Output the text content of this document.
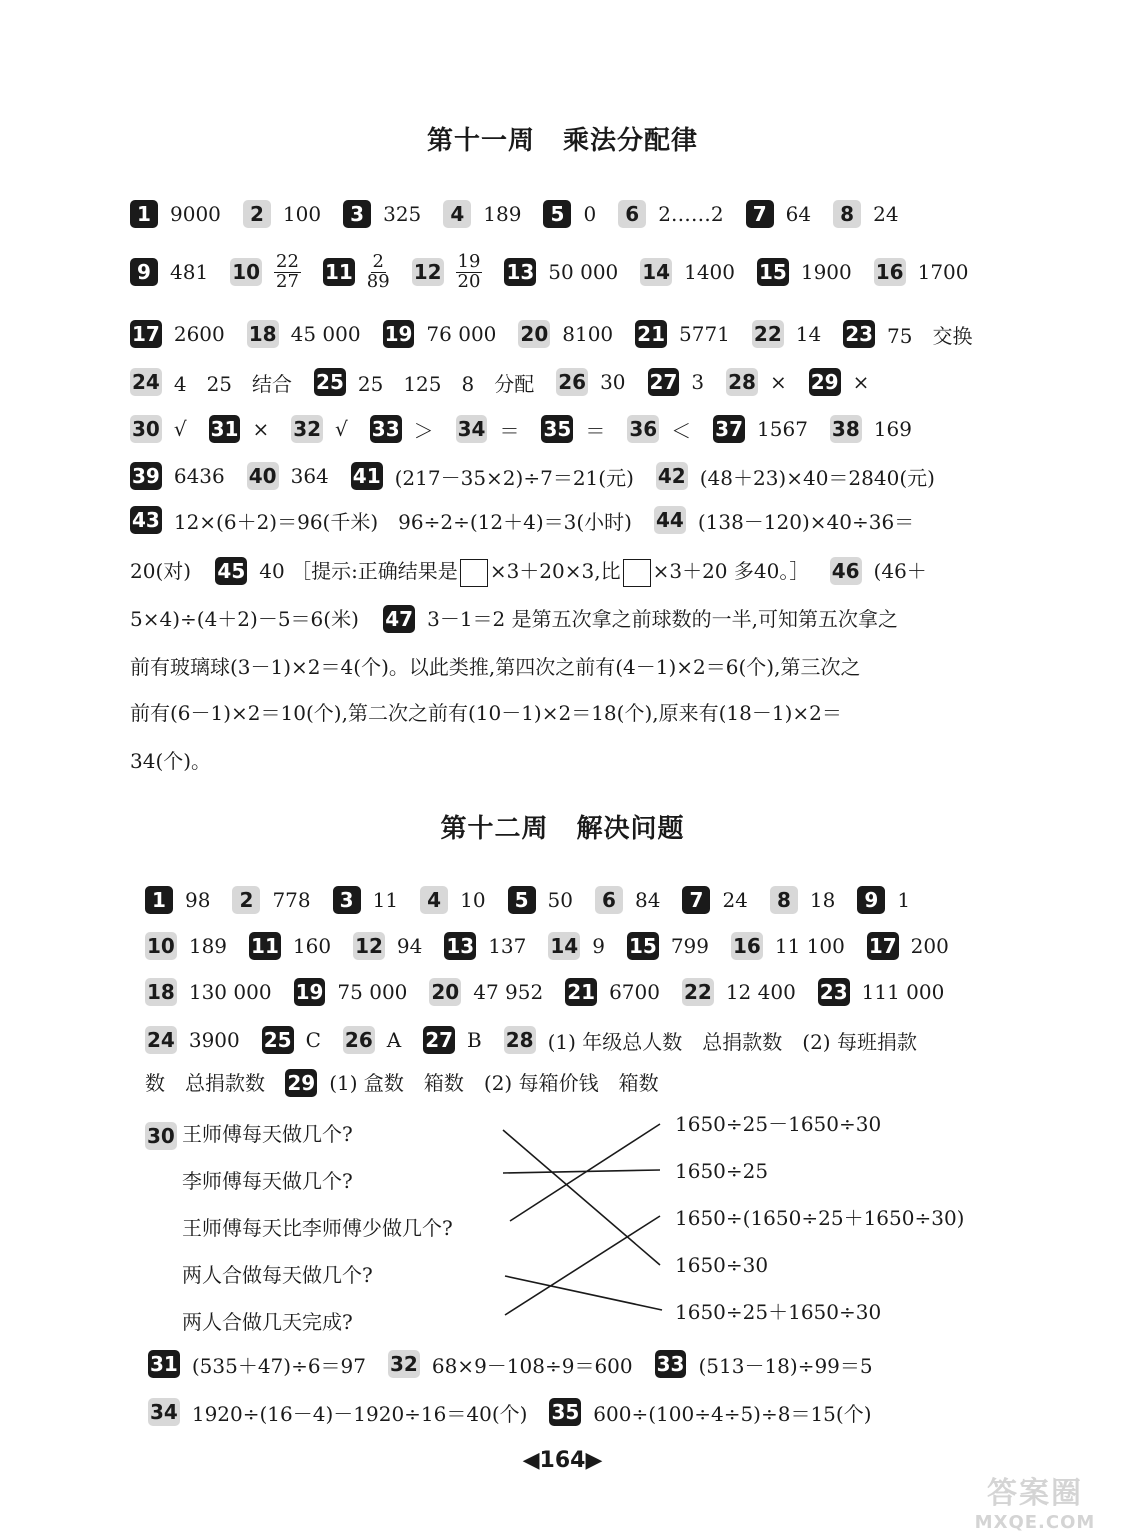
第十一周 乘法分配律
1 9000	2 100	3 325	4 189	5 0	6 2……2	7 64	8 24
9 481 $10 \frac{22}{27} 11 \frac{2}{89} 12 \frac{19}{20} 13$ 50 000 14 1400 15 1900 16 1700
17 2600 18 45 000 19 76 000 20 8100 21 5771 22 14 23 75　交换
24 4　25　结合 25 25　125　8　分配 26 30 27 3 28 × 29 ×
30 √ 31 × 32 √ 33 ＞ 34 ＝ 35 ＝ 36 ＜ 37 1567 38 169
39 6436 40 364 41 (217－35×2)÷7＝21(元) 42 (48＋23)×40＝2840(元)
43 12×(6＋2)＝96(千米)　96÷2÷(12＋4)＝3(小时) 44 (138－120)×40÷36＝
20(对) 45 40 ［提示:正确结果是 ×3＋20×3,比 ×3＋20 多40。］ 46 (46＋
5×4)÷(4＋2)－5＝6(米) 47 3－1＝2 是第五次拿之前球数的一半,可知第五次拿之
前有玻璃球(3－1)×2＝4(个)。以此类推,第四次之前有(4－1)×2＝6(个),第三次之
前有(6－1)×2＝10(个),第二次之前有(10－1)×2＝18(个),原来有(18－1)×2＝
34(个)。
第十二周 解决问题
1 98	2 778	3 11	4 10	5 50	6 84	7 24	8 18	9 1
10 189 11 160 12 94 13 137 14 9 15 799 16 11 100 17 200
18 130 000 19 75 000 20 47 952 21 6700 22 12 400 23 111 000
24 3900 25 C 26 A 27 B 28 (1) 年级总人数　总捐款数　(2) 每班捐款
数　总捐款数 29 (1) 盒数　箱数　(2) 每箱价钱　箱数
30 王师傅每天做几个?
李师傅每天做几个?
王师傅每天比李师傅少做几个?
两人合做每天做几个?
两人合做几天完成?
1650÷25－1650÷30
1650÷25
1650÷(1650÷25＋1650÷30)
1650÷30
1650÷25＋1650÷30
31 (535＋47)÷6＝97 32 68×9－108÷9＝600 33 (513－18)÷99＝5
34 1920÷(16－4)－1920÷16＝40(个) 35 600÷(100÷4÷5)÷8＝15(个)
◀164▶
答案圈
MXQE.COM
